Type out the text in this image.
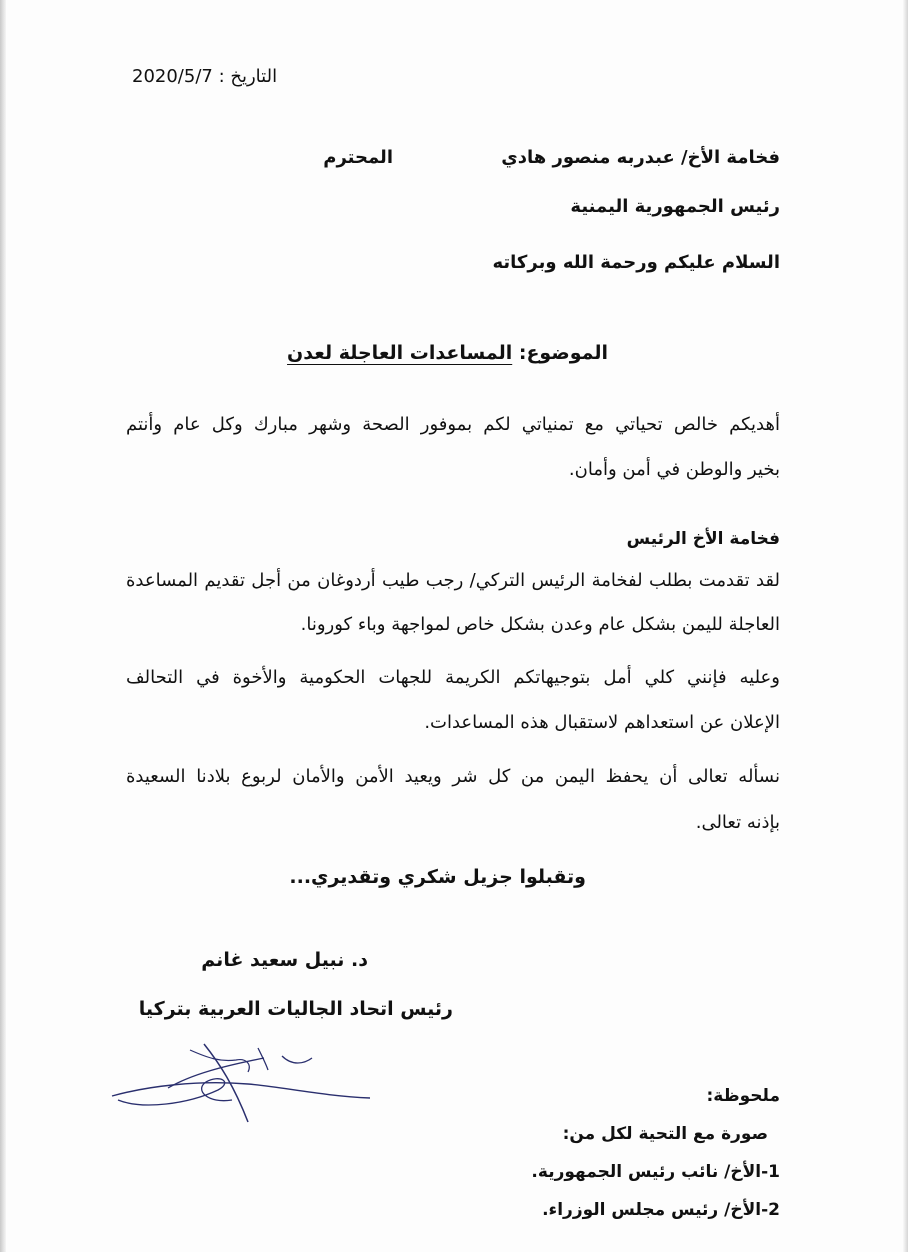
التاريخ : 2020/5/7
فخامة الأخ/ عبدربه منصور هادي
المحترم
رئيس الجمهورية اليمنية
السلام عليكم ورحمة الله وبركاته
الموضوع: المساعدات العاجلة لعدن
أهديكم خالص تحياتي مع تمنياتي لكم بموفور الصحة وشهر مبارك وكل عام وأنتم
بخير والوطن في أمن وأمان.
فخامة الأخ الرئيس
لقد تقدمت بطلب لفخامة الرئيس التركي/ رجب طيب أردوغان من أجل تقديم المساعدة
العاجلة لليمن بشكل عام وعدن بشكل خاص لمواجهة وباء كورونا.
وعليه فإنني كلي أمل بتوجيهاتكم الكريمة للجهات الحكومية والأخوة في التحالف
الإعلان عن استعداهم لاستقبال هذه المساعدات.
نسأله تعالى أن يحفظ اليمن من كل شر ويعيد الأمن والأمان لربوع بلادنا السعيدة
بإذنه تعالى.
وتقبلوا جزيل شكري وتقديري...
د. نبيل سعيد غانم
رئيس اتحاد الجاليات العربية بتركيا
ملحوظة:
صورة مع التحية لكل من:
1-الأخ/ نائب رئيس الجمهورية.
2-الأخ/ رئيس مجلس الوزراء.
